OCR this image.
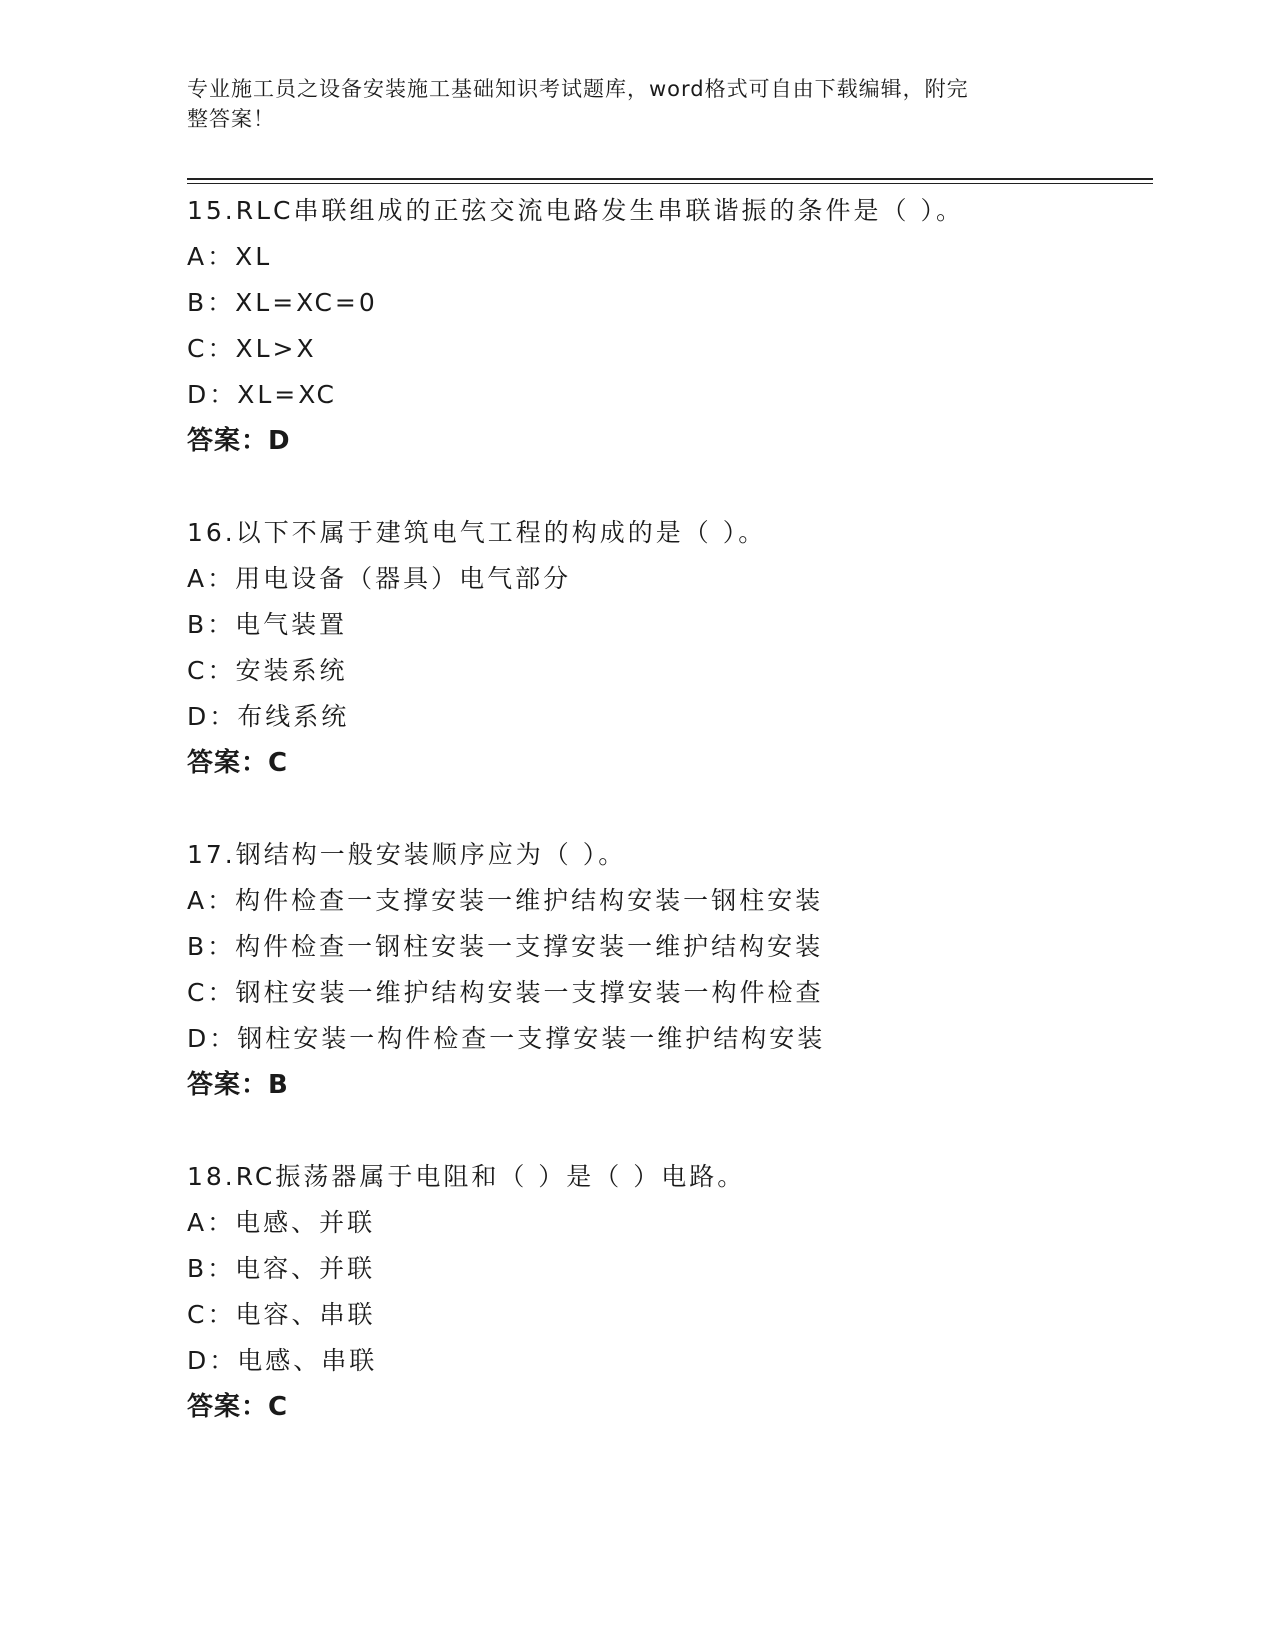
专业施工员之设备安装施工基础知识考试题库，word格式可自由下载编辑，附完
整答案！
15.RLC串联组成的正弦交流电路发生串联谐振的条件是（ ）。
A：XL
B：XL=XC=0
C：XL>X
D：XL=XC
答案：D
16.以下不属于建筑电气工程的构成的是（ ）。
A：用电设备（器具）电气部分
B：电气装置
C：安装系统
D：布线系统
答案：C
17.钢结构一般安装顺序应为（ ）。
A：构件检查一支撑安装一维护结构安装一钢柱安装
B：构件检查一钢柱安装一支撑安装一维护结构安装
C：钢柱安装一维护结构安装一支撑安装一构件检查
D：钢柱安装一构件检查一支撑安装一维护结构安装
答案：B
18.RC振荡器属于电阻和（ ）是（ ）电路。
A：电感、并联
B：电容、并联
C：电容、串联
D：电感、串联
答案：C
